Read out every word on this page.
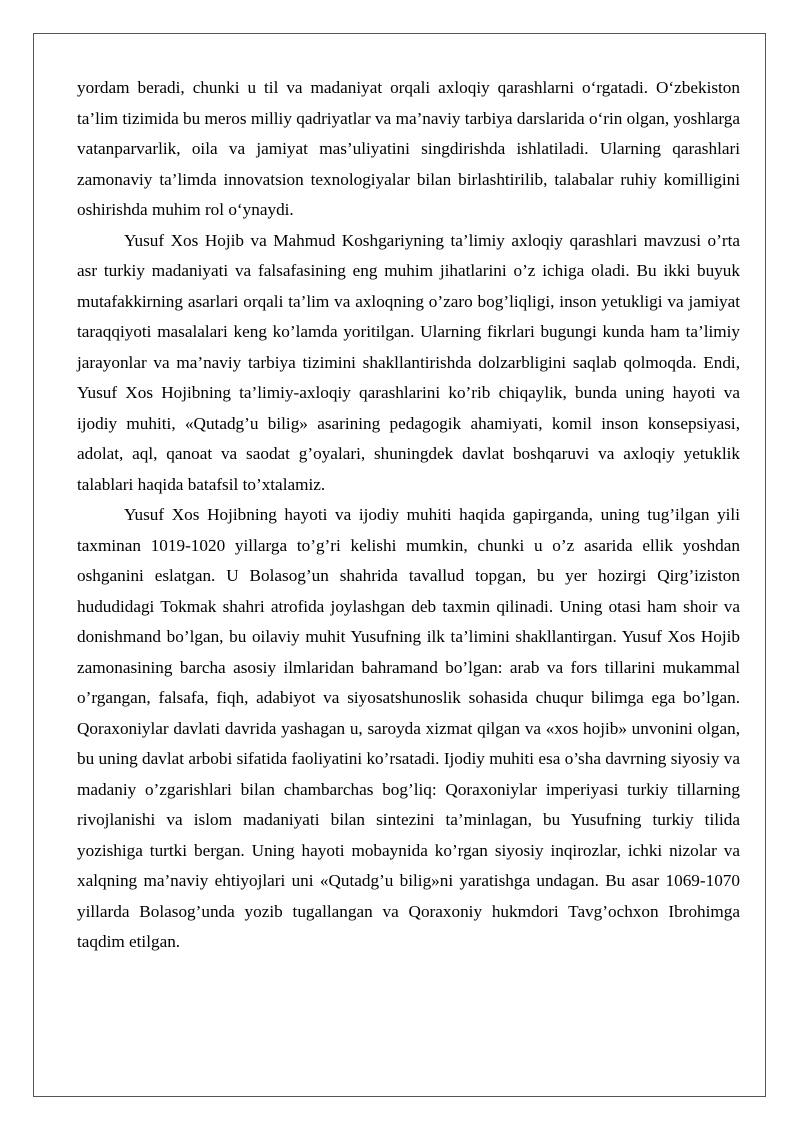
yordam beradi, chunki u til va madaniyat orqali axloqiy qarashlarni o‘rgatadi. O‘zbekiston ta’lim tizimida bu meros milliy qadriyatlar va ma’naviy tarbiya darslarida o‘rin olgan, yoshlarga vatanparvarlik, oila va jamiyat mas’uliyatini singdirishda ishlatiladi. Ularning qarashlari zamonaviy ta’limda innovatsion texnologiyalar bilan birlashtirilib, talabalar ruhiy komilligini oshirishda muhim rol o‘ynaydi.

Yusuf Xos Hojib va Mahmud Koshgariyning ta’limiy axloqiy qarashlari mavzusi o’rta asr turkiy madaniyati va falsafasining eng muhim jihatlarini o’z ichiga oladi. Bu ikki buyuk mutafakkirning asarlari orqali ta’lim va axloqning o’zaro bog’liqligi, inson yetukligi va jamiyat taraqqiyoti masalalari keng ko’lamda yoritilgan. Ularning fikrlari bugungi kunda ham ta’limiy jarayonlar va ma’naviy tarbiya tizimini shakllantirishda dolzarbligini saqlab qolmoqda. Endi, Yusuf Xos Hojibning ta’limiy-axloqiy qarashlarini ko’rib chiqaylik, bunda uning hayoti va ijodiy muhiti, «Qutadg’u bilig» asarining pedagogik ahamiyati, komil inson konsepsiyasi, adolat, aql, qanoat va saodat g’oyalari, shuningdek davlat boshqaruvi va axloqiy yetuklik talablari haqida batafsil to’xtalamiz.

Yusuf Xos Hojibning hayoti va ijodiy muhiti haqida gapirganda, uning tug’ilgan yili taxminan 1019-1020 yillarga to’g’ri kelishi mumkin, chunki u o’z asarida ellik yoshdan oshganini eslatgan. U Bolasog’un shahrida tavallud topgan, bu yer hozirgi Qirg’iziston hududidagi Tokmak shahri atrofida joylashgan deb taxmin qilinadi. Uning otasi ham shoir va donishmand bo’lgan, bu oilaviy muhit Yusufning ilk ta’limini shakllantirgan. Yusuf Xos Hojib zamonasining barcha asosiy ilmlaridan bahramand bo’lgan: arab va fors tillarini mukammal o’rgangan, falsafa, fiqh, adabiyot va siyosatshunoslik sohasida chuqur bilimga ega bo’lgan. Qoraxoniylar davlati davrida yashagan u, saroyda xizmat qilgan va «xos hojib» unvonini olgan, bu uning davlat arbobi sifatida faoliyatini ko’rsatadi. Ijodiy muhiti esa o’sha davrning siyosiy va madaniy o’zgarishlari bilan chambarchas bog’liq: Qoraxoniylar imperiyasi turkiy tillarning rivojlanishi va islom madaniyati bilan sintezini ta’minlagan, bu Yusufning turkiy tilida yozishiga turtki bergan. Uning hayoti mobaynida ko’rgan siyosiy inqirozlar, ichki nizolar va xalqning ma’naviy ehtiyojlari uni «Qutadg’u bilig»ni yaratishga undagan. Bu asar 1069-1070 yillarda Bolasog’unda yozib tugallangan va Qoraxoniy hukmdori Tavg’ochxon Ibrohimga taqdim etilgan.
